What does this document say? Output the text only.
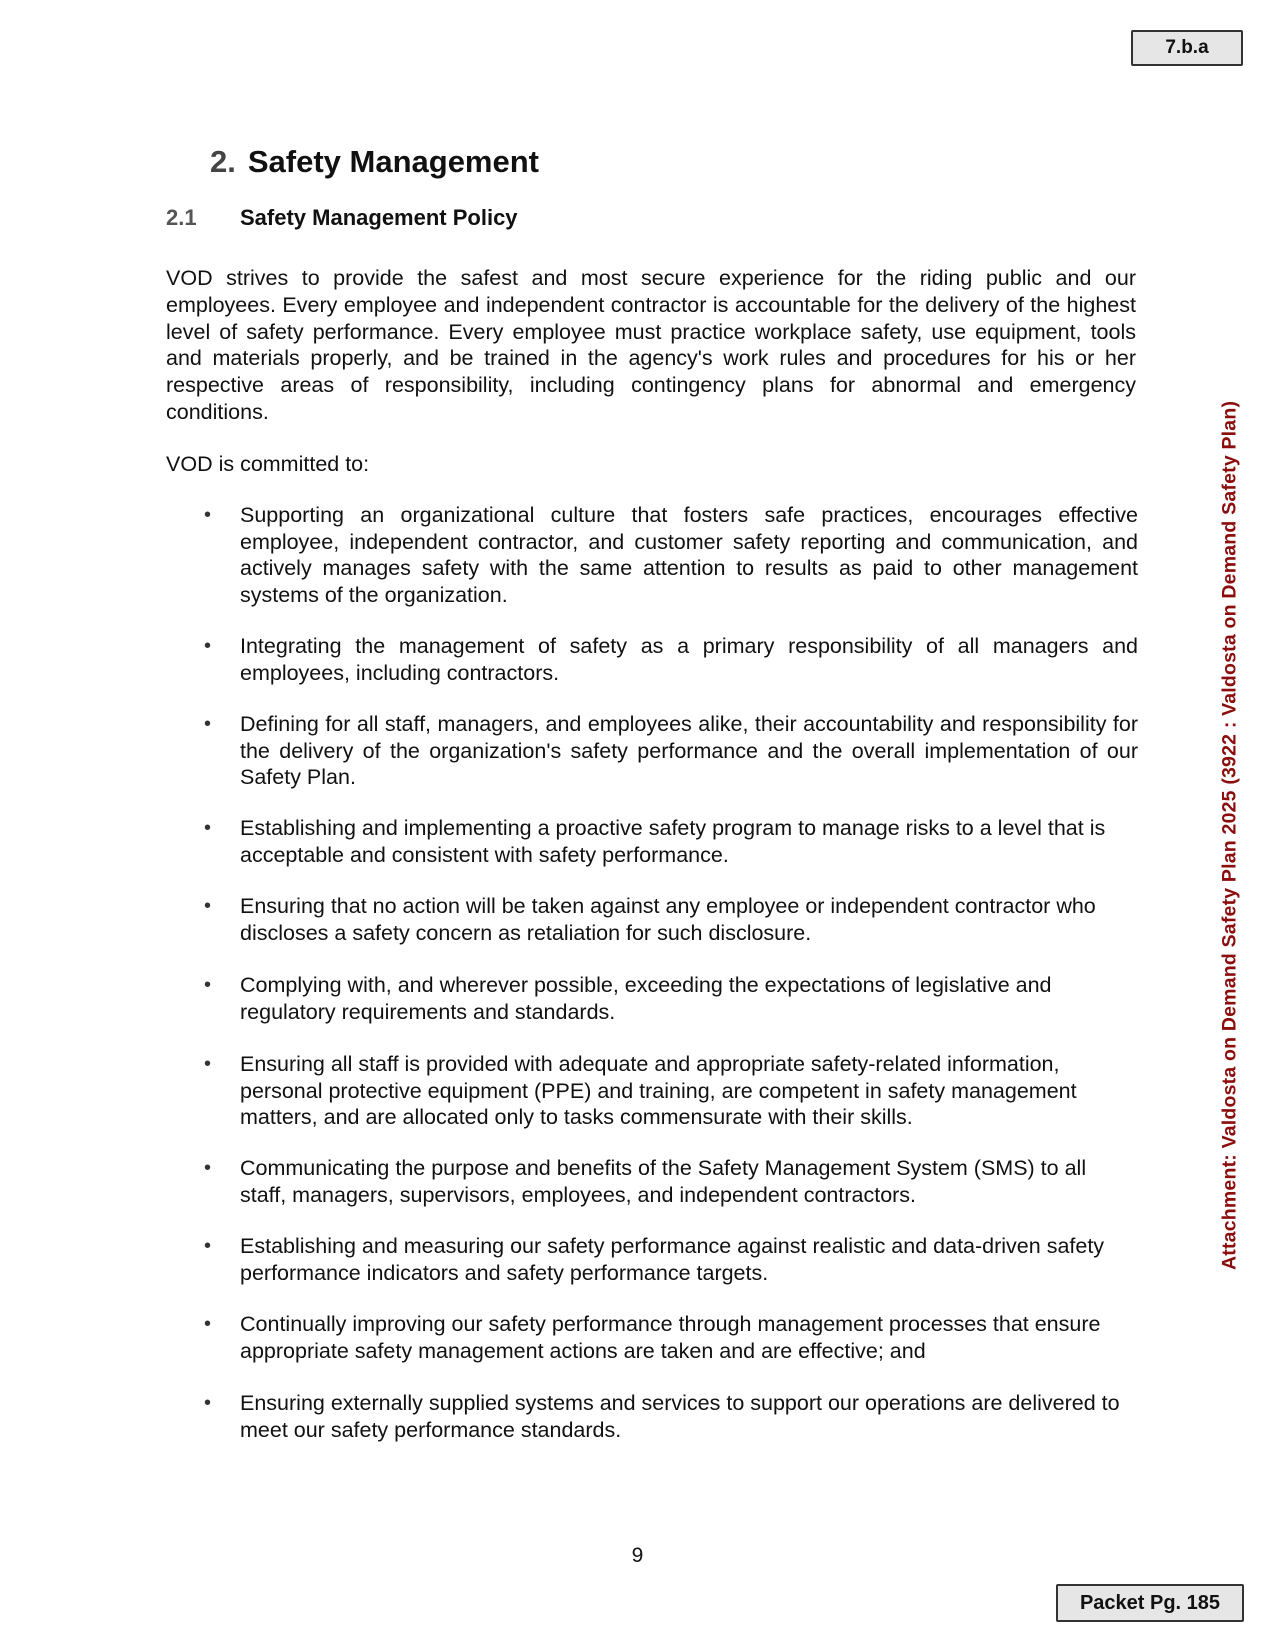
7.b.a
Attachment: Valdosta on Demand Safety Plan 2025 (3922 : Valdosta on Demand Safety Plan)
2. Safety Management
2.1 Safety Management Policy

VOD strives to provide the safest and most secure experience for the riding public and our employees. Every employee and independent contractor is accountable for the delivery of the highest level of safety performance. Every employee must practice workplace safety, use equipment, tools and materials properly, and be trained in the agency's work rules and procedures for his or her respective areas of responsibility, including contingency plans for abnormal and emergency conditions.

VOD is committed to:

• Supporting an organizational culture that fosters safe practices, encourages effective employee, independent contractor, and customer safety reporting and communication, and actively manages safety with the same attention to results as paid to other management systems of the organization.
• Integrating the management of safety as a primary responsibility of all managers and employees, including contractors.
• Defining for all staff, managers, and employees alike, their accountability and responsibility for the delivery of the organization's safety performance and the overall implementation of our Safety Plan.
• Establishing and implementing a proactive safety program to manage risks to a level that is acceptable and consistent with safety performance.
• Ensuring that no action will be taken against any employee or independent contractor who discloses a safety concern as retaliation for such disclosure.
• Complying with, and wherever possible, exceeding the expectations of legislative and regulatory requirements and standards.
• Ensuring all staff is provided with adequate and appropriate safety-related information, personal protective equipment (PPE) and training, are competent in safety management matters, and are allocated only to tasks commensurate with their skills.
• Communicating the purpose and benefits of the Safety Management System (SMS) to all staff, managers, supervisors, employees, and independent contractors.
• Establishing and measuring our safety performance against realistic and data-driven safety performance indicators and safety performance targets.
• Continually improving our safety performance through management processes that ensure appropriate safety management actions are taken and are effective; and
• Ensuring externally supplied systems and services to support our operations are delivered to meet our safety performance standards.
9
Packet Pg. 185
